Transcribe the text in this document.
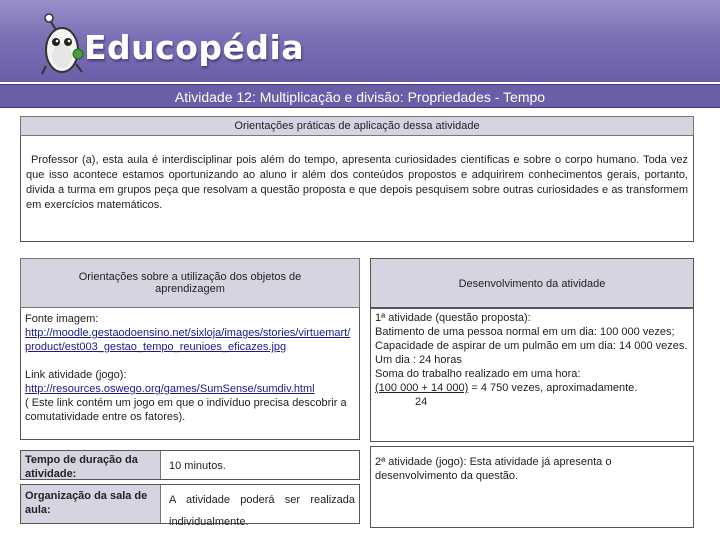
Educopédia
Atividade 12: Multiplicação e divisão: Propriedades - Tempo
Orientações práticas de aplicação dessa atividade
Professor (a), esta aula é interdisciplinar pois além do tempo, apresenta curiosidades científicas e sobre o corpo humano. Toda vez que isso acontece estamos oportunizando ao aluno ir além dos conteúdos propostos e adquirirem conhecimentos gerais, portanto, divida a turma em grupos peça que resolvam a questão proposta e que depois pesquisem sobre outras curiosidades e as transformem em exercícios matemáticos.
Orientações sobre a utilização dos objetos de aprendizagem
Fonte imagem:
http://moodle.gestaodoensino.net/sixloja/images/stories/virtuemart/product/est003_gestao_tempo_reunioes_eficazes.jpg
Link atividade (jogo):
http://resources.oswego.org/games/SumSense/sumdiv.html
( Este link contém um jogo em que o indivíduo precisa descobrir a comutatividade entre os fatores).
Tempo de duração da atividade:
10 minutos.
Organização da sala de aula:
A atividade poderá ser realizada individualmente.
Desenvolvimento da atividade
1ª atividade (questão proposta):
Batimento de uma pessoa normal em um dia: 100 000 vezes;
Capacidade de aspirar de um pulmão em um dia: 14 000 vezes.
Um dia : 24 horas
Soma do trabalho realizado em uma hora:
(100 000 + 14 000) = 4 750 vezes, aproximadamente.
24
2ª atividade (jogo): Esta atividade já apresenta o desenvolvimento da questão.
